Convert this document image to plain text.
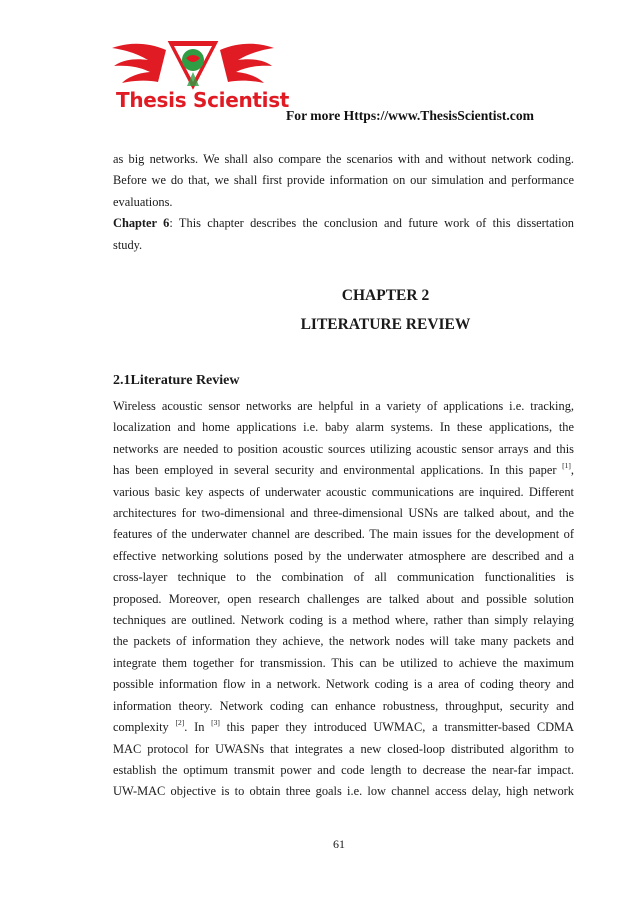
Thesis Scientist
For more Https://www.ThesisScientist.com
as big networks. We shall also compare the scenarios with and without network coding.
Before we do that, we shall first provide information on our simulation and performance
evaluations.
Chapter 6: This chapter describes the conclusion and future work of this dissertation
study.
CHAPTER 2
LITERATURE REVIEW
2.1Literature Review
Wireless acoustic sensor networks are helpful in a variety of applications i.e. tracking,
localization and home applications i.e. baby alarm systems. In these applications, the
networks are needed to position acoustic sources utilizing acoustic sensor arrays and this
has been employed in several security and environmental applications. In this paper [1],
various basic key aspects of underwater acoustic communications are inquired. Different
architectures for two-dimensional and three-dimensional USNs are talked about, and the
features of the underwater channel are described. The main issues for the development of
effective networking solutions posed by the underwater atmosphere are described and a
cross-layer technique to the combination of all communication functionalities is
proposed. Moreover, open research challenges are talked about and possible solution
techniques are outlined. Network coding is a method where, rather than simply relaying
the packets of information they achieve, the network nodes will take many packets and
integrate them together for transmission. This can be utilized to achieve the maximum
possible information flow in a network. Network coding is a area of coding theory and
information theory. Network coding can enhance robustness, throughput, security and
complexity [2]. In [3] this paper they introduced UWMAC, a transmitter-based CDMA
MAC protocol for UWASNs that integrates a new closed-loop distributed algorithm to
establish the optimum transmit power and code length to decrease the near-far impact.
UW-MAC objective is to obtain three goals i.e. low channel access delay, high network
61
